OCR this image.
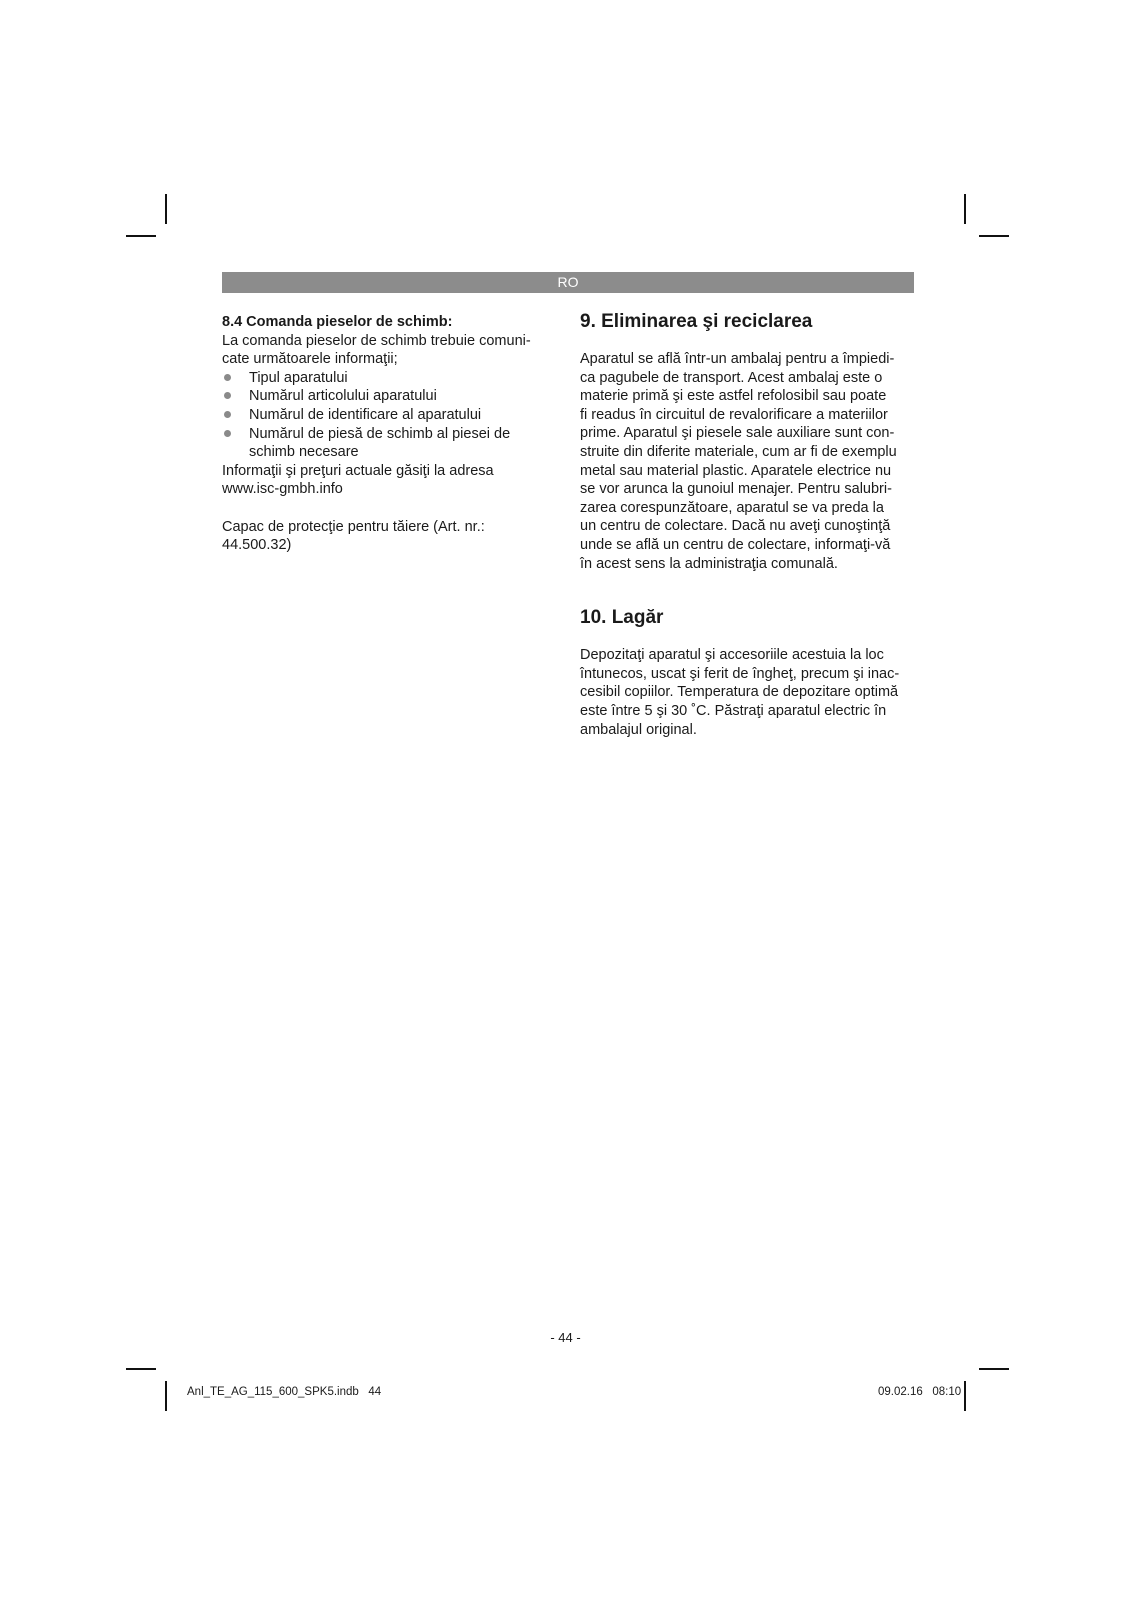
RO
8.4 Comanda pieselor de schimb:

La comanda pieselor de schimb trebuie comuni-
cate următoarele informaţii;

Tipul aparatului
Numărul articolului aparatului
Numărul de identificare al aparatului
Numărul de piesă de schimb al piesei de
schimb necesare

Informaţii şi preţuri actuale găsiţi la adresa
www.isc-gmbh.info

Capac de protecţie pentru tăiere (Art. nr.:
44.500.32)

9. Eliminarea şi reciclarea

Aparatul se află într-un ambalaj pentru a împiedi-
ca pagubele de transport. Acest ambalaj este o
materie primă şi este astfel refolosibil sau poate
fi readus în circuitul de revalorificare a materiilor
prime. Aparatul şi piesele sale auxiliare sunt con-
struite din diferite materiale, cum ar fi de exemplu
metal sau material plastic. Aparatele electrice nu
se vor arunca la gunoiul menajer. Pentru salubri-
zarea corespunzătoare, aparatul se va preda la
un centru de colectare. Dacă nu aveţi cunoştinţă
unde se află un centru de colectare, informaţi-vă
în acest sens la administraţia comunală.

10. Lagăr

Depozitaţi aparatul şi accesoriile acestuia la loc
întunecos, uscat şi ferit de îngheţ, precum şi inac-
cesibil copiilor. Temperatura de depozitare optimă
este între 5 şi 30 ˚C. Păstraţi aparatul electric în
ambalajul original.

- 44 -
Anl_TE_AG_115_600_SPK5.indb   44	09.02.16   08:10
